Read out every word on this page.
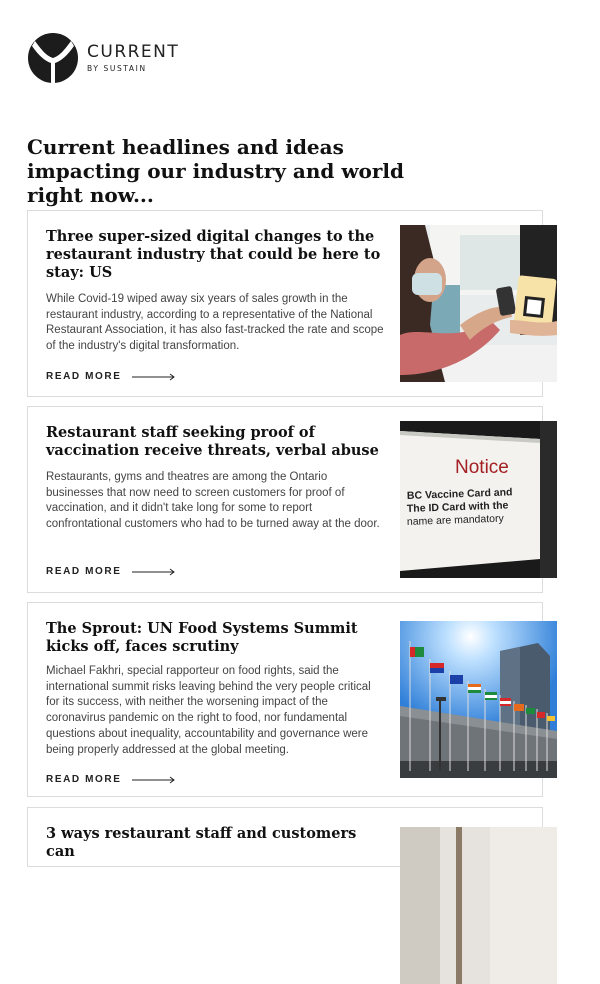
CURRENT
BY SUSTAIN
Current headlines and ideas impacting our industry and world right now...
Three super-sized digital changes to the restaurant industry that could be here to stay: US

While Covid-19 wiped away six years of sales growth in the restaurant industry, according to a representative of the National Restaurant Association, it has also fast-tracked the rate and scope of the industry's digital transformation.

READ MORE
Restaurant staff seeking proof of vaccination receive threats, verbal abuse

Restaurants, gyms and theatres are among the Ontario businesses that now need to screen customers for proof of vaccination, and it didn't take long for some to report confrontational customers who had to be turned away at the door.

READ MORE
Notice
BC Vaccine Card and
The ID Card with the
name are mandatory
The Sprout: UN Food Systems Summit kicks off, faces scrutiny

Michael Fakhri, special rapporteur on food rights, said the international summit risks leaving behind the very people critical for its success, with neither the worsening impact of the coronavirus pandemic on the right to food, nor fundamental questions about inequality, accountability and governance were being properly addressed at the global meeting.

READ MORE
3 ways restaurant staff and customers can
